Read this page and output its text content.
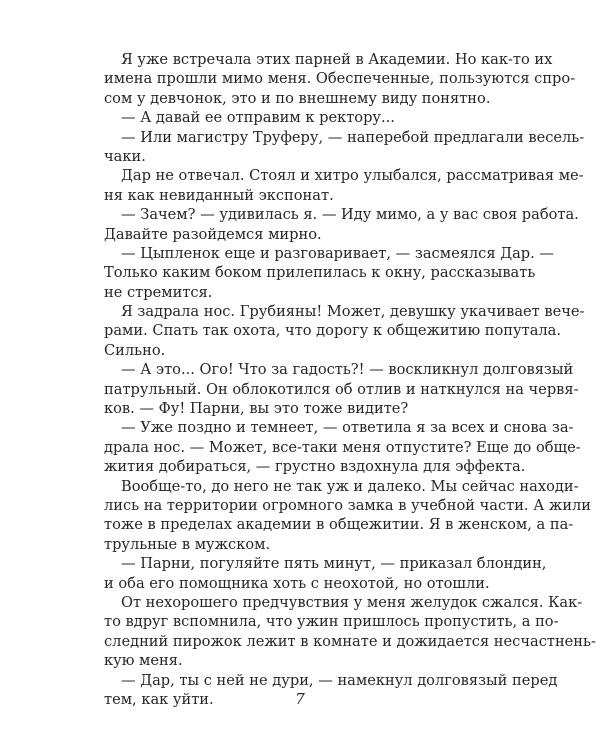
Я уже встречала этих парней в Академии. Но как-то их
имена прошли мимо меня. Обеспеченные, пользуются спро-
сом у девчонок, это и по внешнему виду понятно.
— А давай ее отправим к ректору...
— Или магистру Труферу, — наперебой предлагали весель-
чаки.
Дар не отвечал. Стоял и хитро улыбался, рассматривая ме-
ня как невиданный экспонат.
— Зачем? — удивилась я. — Иду мимо, а у вас своя работа.
Давайте разойдемся мирно.
— Цыпленок еще и разговаривает, — засмеялся Дар. —
Только каким боком прилепилась к окну, рассказывать
не стремится.
Я задрала нос. Грубияны! Может, девушку укачивает вече-
рами. Спать так охота, что дорогу к общежитию попутала.
Сильно.
— А это... Ого! Что за гадость?! — воскликнул долговязый
патрульный. Он облокотился об отлив и наткнулся на червя-
ков. — Фу! Парни, вы это тоже видите?
— Уже поздно и темнеет, — ответила я за всех и снова за-
драла нос. — Может, все-таки меня отпустите? Еще до обще-
жития добираться, — грустно вздохнула для эффекта.
Вообще-то, до него не так уж и далеко. Мы сейчас находи-
лись на территории огромного замка в учебной части. А жили
тоже в пределах академии в общежитии. Я в женском, а па-
трульные в мужском.
— Парни, погуляйте пять минут, — приказал блондин,
и оба его помощника хоть с неохотой, но отошли.
От нехорошего предчувствия у меня желудок сжался. Как-
то вдруг вспомнила, что ужин пришлось пропустить, а по-
следний пирожок лежит в комнате и дожидается несчастнень-
кую меня.
— Дар, ты с ней не дури, — намекнул долговязый перед
тем, как уйти.	7
